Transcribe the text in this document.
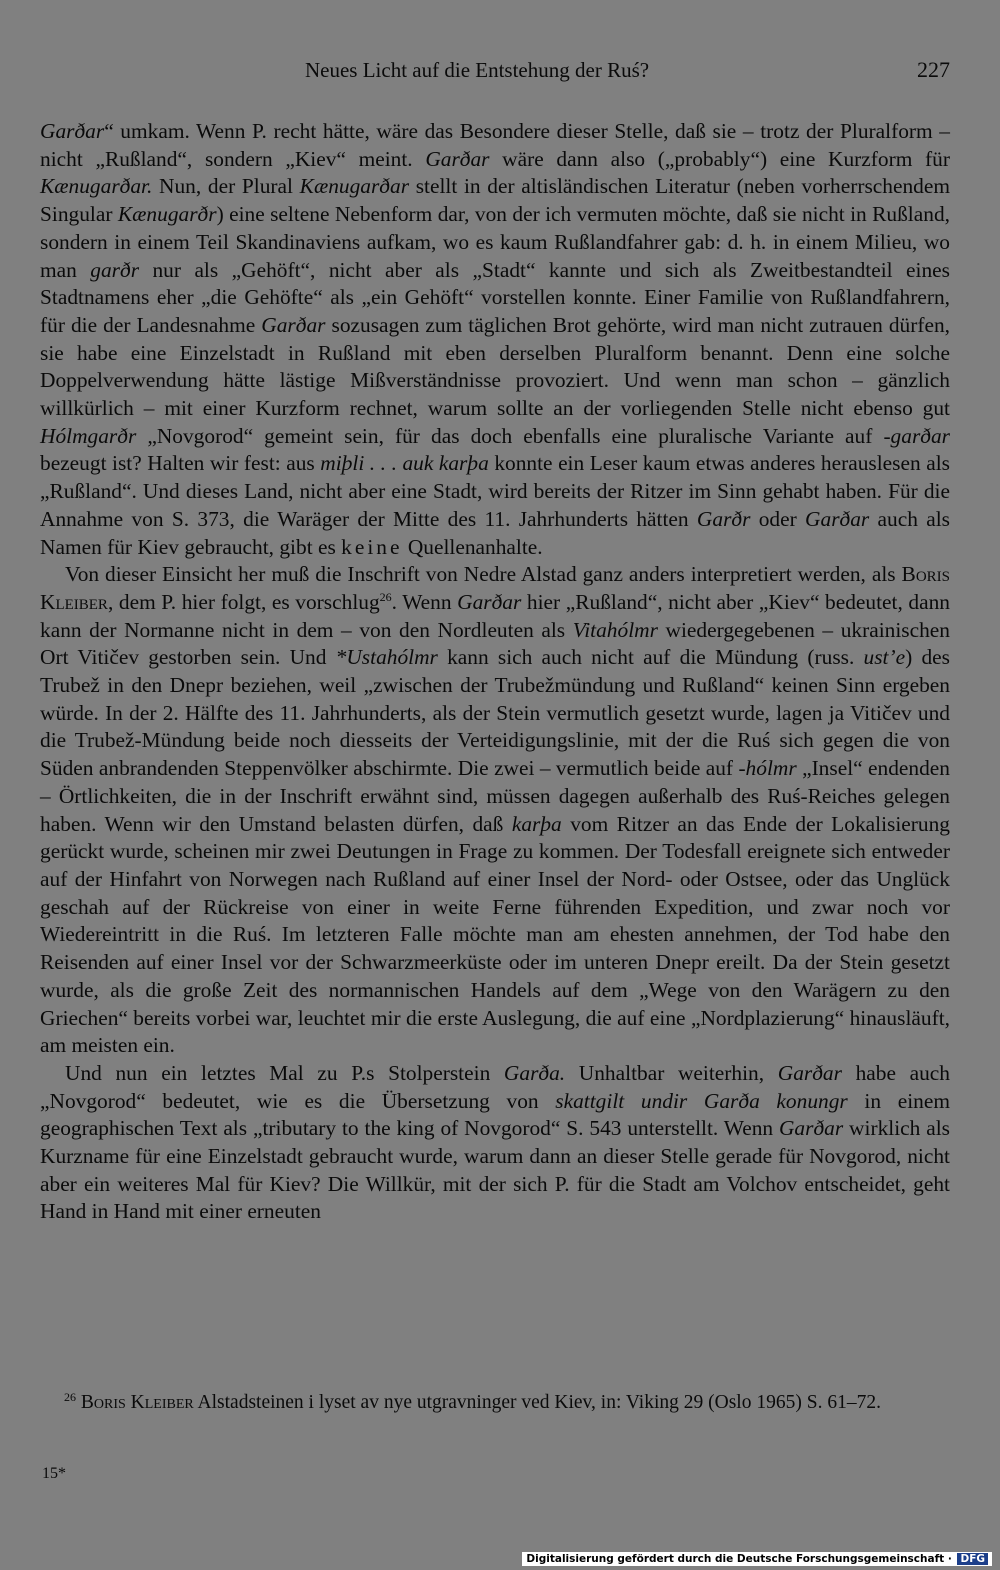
Neues Licht auf die Entstehung der Ruś?	227

Garðar“ umkam. Wenn P. recht hätte, wäre das Besondere dieser Stelle, daß sie – trotz der Pluralform – nicht „Rußland“, sondern „Kiev“ meint. Garðar wäre dann also („probably“) eine Kurzform für Kænugarðar. Nun, der Plural Kænugarðar stellt in der altisländischen Literatur (neben vorherrschendem Singular Kænugarðr) eine seltene Nebenform dar, von der ich vermuten möchte, daß sie nicht in Rußland, sondern in einem Teil Skandinaviens aufkam, wo es kaum Rußlandfahrer gab: d. h. in einem Milieu, wo man garðr nur als „Gehöft“, nicht aber als „Stadt“ kannte und sich als Zweitbestandteil eines Stadtnamens eher „die Gehöfte“ als „ein Gehöft“ vorstellen konnte. Einer Familie von Rußlandfahrern, für die der Landesnahme Garðar sozusagen zum täglichen Brot gehörte, wird man nicht zutrauen dürfen, sie habe eine Einzelstadt in Rußland mit eben derselben Pluralform benannt. Denn eine solche Doppelverwendung hätte lästige Mißverständnisse provoziert. Und wenn man schon – gänzlich willkürlich – mit einer Kurzform rechnet, warum sollte an der vorliegenden Stelle nicht ebenso gut Hólmgarðr „Novgorod“ gemeint sein, für das doch ebenfalls eine pluralische Variante auf -garðar bezeugt ist? Halten wir fest: aus miþli . . . auk karþa konnte ein Leser kaum etwas anderes herauslesen als „Rußland“. Und dieses Land, nicht aber eine Stadt, wird bereits der Ritzer im Sinn gehabt haben. Für die Annahme von S. 373, die Waräger der Mitte des 11. Jahrhunderts hätten Garðr oder Garðar auch als Namen für Kiev gebraucht, gibt es keine Quellenanhalte.

Von dieser Einsicht her muß die Inschrift von Nedre Alstad ganz anders interpretiert werden, als Boris Kleiber, dem P. hier folgt, es vorschlug$^{26}$. Wenn Garðar hier „Rußland“, nicht aber „Kiev“ bedeutet, dann kann der Normanne nicht in dem – von den Nordleuten als Vitahólmr wiedergegebenen – ukrainischen Ort Vitičev gestorben sein. Und *Ustahólmr kann sich auch nicht auf die Mündung (russ. ust’e) des Trubež in den Dnepr beziehen, weil „zwischen der Trubežmündung und Rußland“ keinen Sinn ergeben würde. In der 2. Hälfte des 11. Jahrhunderts, als der Stein vermutlich gesetzt wurde, lagen ja Vitičev und die Trubež-Mündung beide noch diesseits der Verteidigungslinie, mit der die Ruś sich gegen die von Süden anbrandenden Steppenvölker abschirmte. Die zwei – vermutlich beide auf -hólmr „Insel“ endenden – Örtlichkeiten, die in der Inschrift erwähnt sind, müssen dagegen außerhalb des Ruś-Reiches gelegen haben. Wenn wir den Umstand belasten dürfen, daß karþa vom Ritzer an das Ende der Lokalisierung gerückt wurde, scheinen mir zwei Deutungen in Frage zu kommen. Der Todesfall ereignete sich entweder auf der Hinfahrt von Norwegen nach Rußland auf einer Insel der Nord- oder Ostsee, oder das Unglück geschah auf der Rückreise von einer in weite Ferne führenden Expedition, und zwar noch vor Wiedereintritt in die Ruś. Im letzteren Falle möchte man am ehesten annehmen, der Tod habe den Reisenden auf einer Insel vor der Schwarzmeerküste oder im unteren Dnepr ereilt. Da der Stein gesetzt wurde, als die große Zeit des normannischen Handels auf dem „Wege von den Warägern zu den Griechen“ bereits vorbei war, leuchtet mir die erste Auslegung, die auf eine „Nordplazierung“ hinausläuft, am meisten ein.

Und nun ein letztes Mal zu P.s Stolperstein Garða. Unhaltbar weiterhin, Garðar habe auch „Novgorod“ bedeutet, wie es die Übersetzung von skattgilt undir Garða konungr in einem geographischen Text als „tributary to the king of Novgorod“ S. 543 unterstellt. Wenn Garðar wirklich als Kurzname für eine Einzelstadt gebraucht wurde, warum dann an dieser Stelle gerade für Novgorod, nicht aber ein weiteres Mal für Kiev? Die Willkür, mit der sich P. für die Stadt am Volchov entscheidet, geht Hand in Hand mit einer erneuten

$^{26}$ Boris Kleiber Alstadsteinen i lyset av nye utgravninger ved Kiev, in: Viking 29 (Oslo 1965) S. 61–72.
15*
Digitalisierung gefördert durch die Deutsche Forschungsgemeinschaft · DFG
